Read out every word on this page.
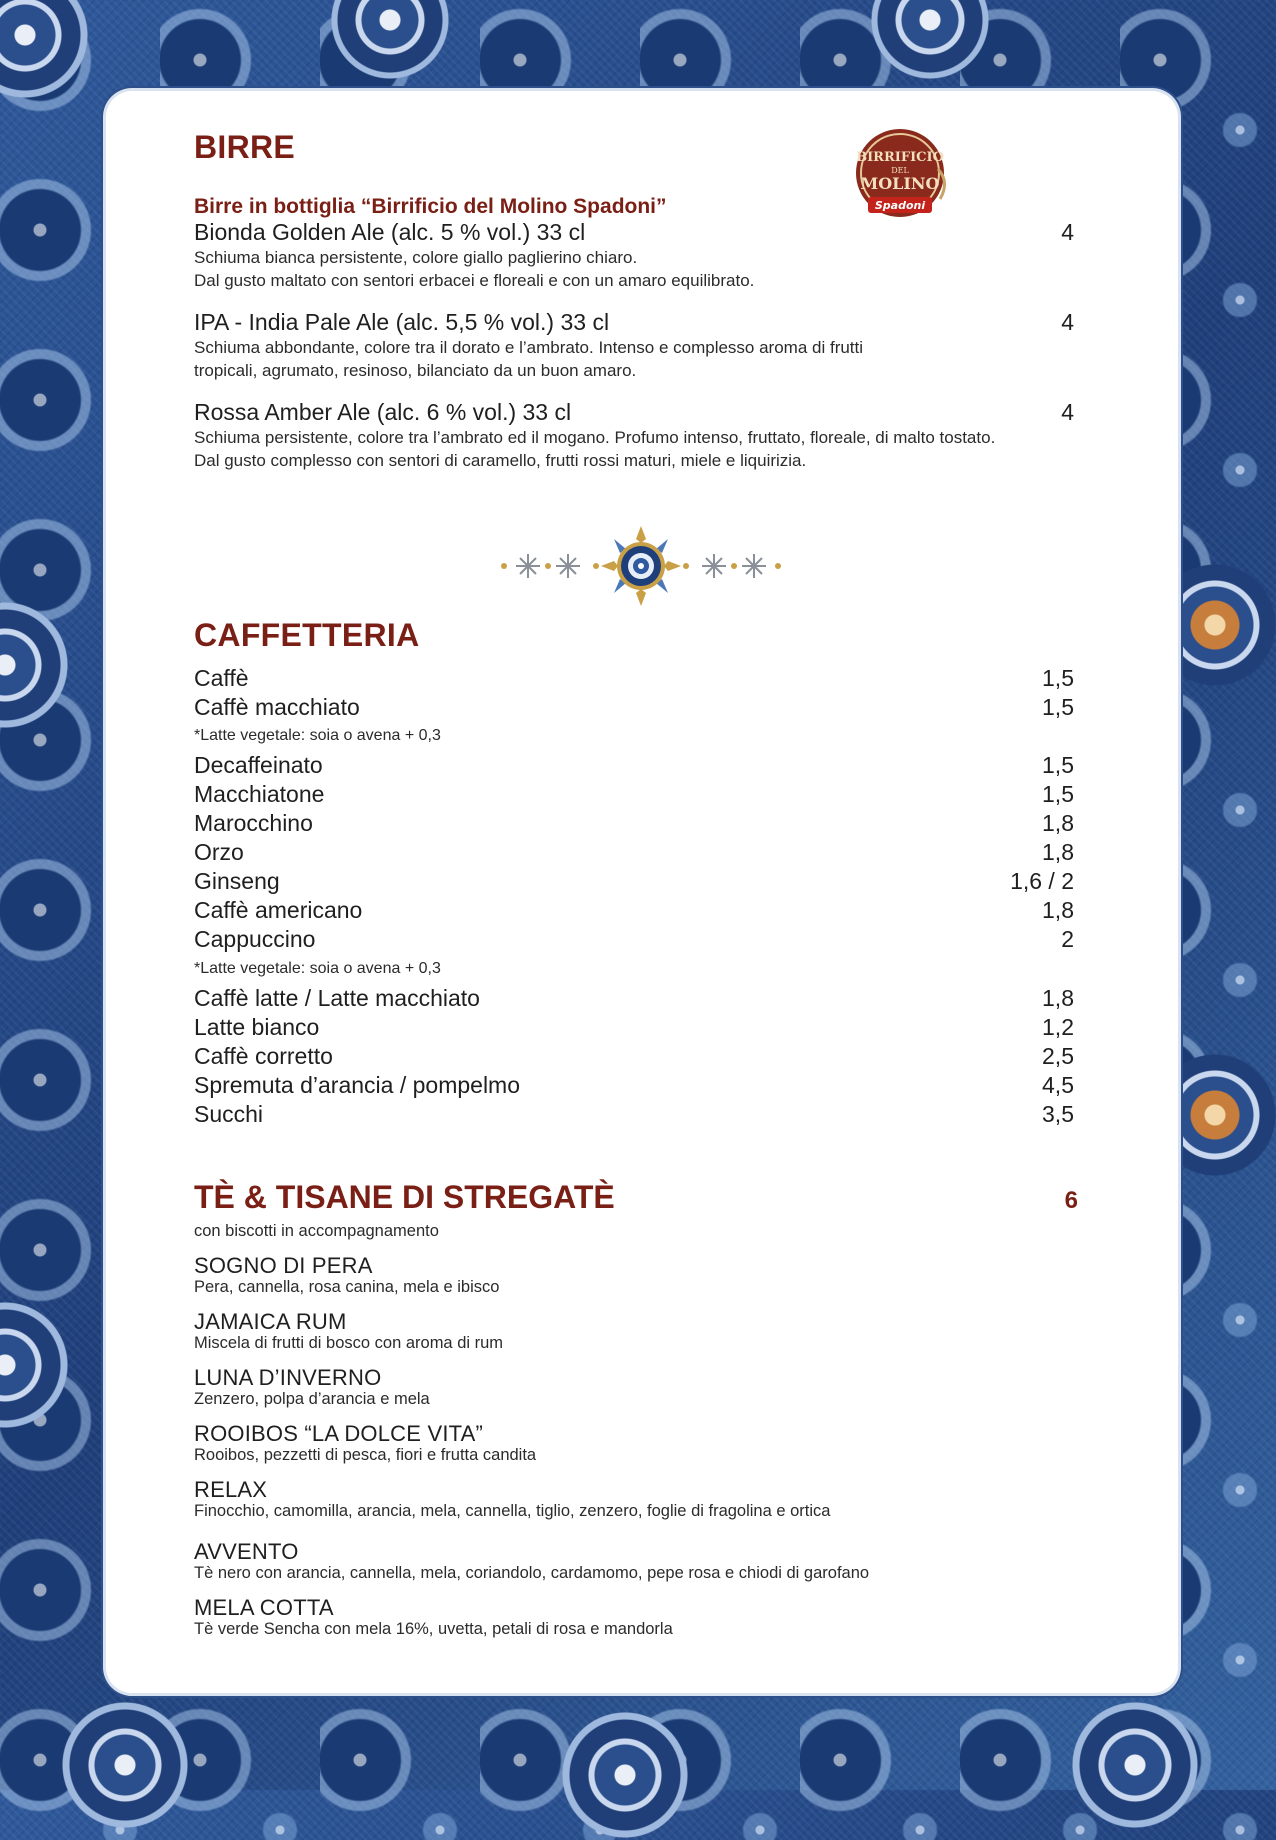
BIRRE	BIRRIFICIO
DEL
MOLINO
Spadoni
Birre in bottiglia “Birrificio del Molino Spadoni”
Bionda Golden Ale (alc. 5 % vol.) 33 cl	4
Schiuma bianca persistente, colore giallo paglierino chiaro.
Dal gusto maltato con sentori erbacei e floreali e con un amaro equilibrato.
IPA - India Pale Ale (alc. 5,5 % vol.) 33 cl	4
Schiuma abbondante, colore tra il dorato e l’ambrato. Intenso e complesso aroma di frutti
tropicali, agrumato, resinoso, bilanciato da un buon amaro.
Rossa Amber Ale (alc. 6 % vol.) 33 cl	4
Schiuma persistente, colore tra l’ambrato ed il mogano. Profumo intenso, fruttato, floreale, di malto tostato.
Dal gusto complesso con sentori di caramello, frutti rossi maturi, miele e liquirizia.
CAFFETTERIA
Caffè	1,5
Caffè macchiato	1,5
*Latte vegetale: soia o avena + 0,3
Decaffeinato	1,5
Macchiatone	1,5
Marocchino	1,8
Orzo	1,8
Ginseng	1,6 / 2
Caffè americano	1,8
Cappuccino	2
*Latte vegetale: soia o avena + 0,3
Caffè latte / Latte macchiato	1,8
Latte bianco	1,2
Caffè corretto	2,5
Spremuta d’arancia / pompelmo	4,5
Succhi	3,5
TÈ & TISANE DI STREGATÈ	6
con biscotti in accompagnamento
SOGNO DI PERA
Pera, cannella, rosa canina, mela e ibisco
JAMAICA RUM
Miscela di frutti di bosco con aroma di rum
LUNA D’INVERNO
Zenzero, polpa d’arancia e mela
ROOIBOS “LA DOLCE VITA”
Rooibos, pezzetti di pesca, fiori e frutta candita
RELAX
Finocchio, camomilla, arancia, mela, cannella, tiglio, zenzero, foglie di fragolina e ortica
AVVENTO
Tè nero con arancia, cannella, mela, coriandolo, cardamomo, pepe rosa e chiodi di garofano
MELA COTTA
Tè verde Sencha con mela 16%, uvetta, petali di rosa e mandorla
